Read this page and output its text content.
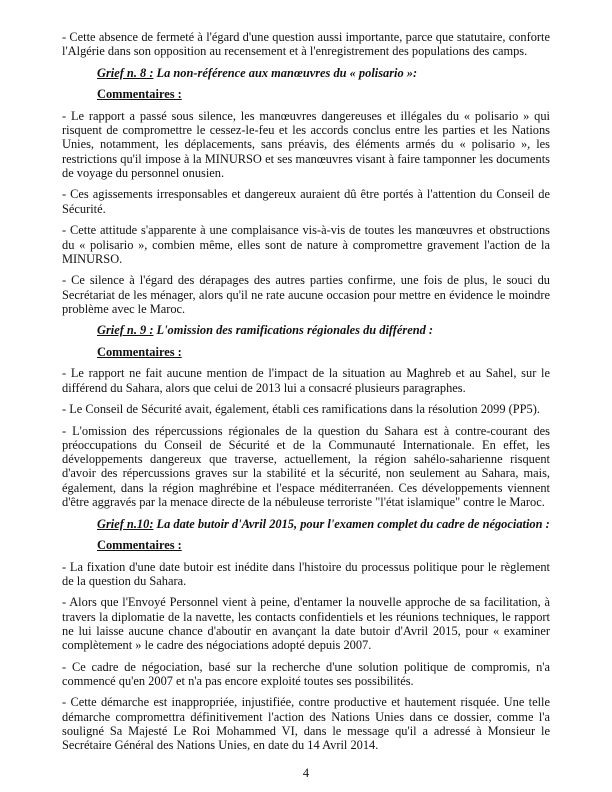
- Cette absence de fermeté à l'égard d'une question aussi importante, parce que statutaire, conforte l'Algérie dans son opposition au recensement et à l'enregistrement des populations des camps.

Grief n. 8 : La non-référence aux manœuvres du « polisario »:

Commentaires :

- Le rapport a passé sous silence, les manœuvres dangereuses et illégales du « polisario » qui risquent de compromettre le cessez-le-feu et les accords conclus entre les parties et les Nations Unies, notamment, les déplacements, sans préavis, des éléments armés du « polisario », les restrictions qu'il impose à la MINURSO et ses manœuvres visant à faire tamponner les documents de voyage du personnel onusien.

- Ces agissements irresponsables et dangereux auraient dû être portés à l'attention du Conseil de Sécurité.

- Cette attitude s'apparente à une complaisance vis-à-vis de toutes les manœuvres et obstructions du « polisario », combien même, elles sont de nature à compromettre gravement l'action de la MINURSO.

- Ce silence à l'égard des dérapages des autres parties confirme, une fois de plus, le souci du Secrétariat de les ménager, alors qu'il ne rate aucune occasion pour mettre en évidence le moindre problème avec le Maroc.

Grief n. 9 : L'omission des ramifications régionales du différend :

Commentaires :

- Le rapport ne fait aucune mention de l'impact de la situation au Maghreb et au Sahel, sur le différend du Sahara, alors que celui de 2013 lui a consacré plusieurs paragraphes.

- Le Conseil de Sécurité avait, également, établi ces ramifications dans la résolution 2099 (PP5).

- L'omission des répercussions régionales de la question du Sahara est à contre-courant des préoccupations du Conseil de Sécurité et de la Communauté Internationale. En effet, les développements dangereux que traverse, actuellement, la région sahélo-saharienne risquent d'avoir des répercussions graves sur la stabilité et la sécurité, non seulement au Sahara, mais, également, dans la région maghrébine et l'espace méditerranéen. Ces développements viennent d'être aggravés par la menace directe de la nébuleuse terroriste "l'état islamique" contre le Maroc.

Grief n.10: La date butoir d'Avril 2015, pour l'examen complet du cadre de négociation :

Commentaires :

- La fixation d'une date butoir est inédite dans l'histoire du processus politique pour le règlement de la question du Sahara.

- Alors que l'Envoyé Personnel vient à peine, d'entamer la nouvelle approche de sa facilitation, à travers la diplomatie de la navette, les contacts confidentiels et les réunions techniques, le rapport ne lui laisse aucune chance d'aboutir en avançant la date butoir d'Avril 2015, pour « examiner complètement » le cadre des négociations adopté depuis 2007.

- Ce cadre de négociation, basé sur la recherche d'une solution politique de compromis, n'a commencé qu'en 2007 et n'a pas encore exploité toutes ses possibilités.

- Cette démarche est inappropriée, injustifiée, contre productive et hautement risquée. Une telle démarche compromettra définitivement l'action des Nations Unies dans ce dossier, comme l'a souligné Sa Majesté Le Roi Mohammed VI, dans le message qu'il a adressé à Monsieur le Secrétaire Général des Nations Unies, en date du 14 Avril 2014.

4
